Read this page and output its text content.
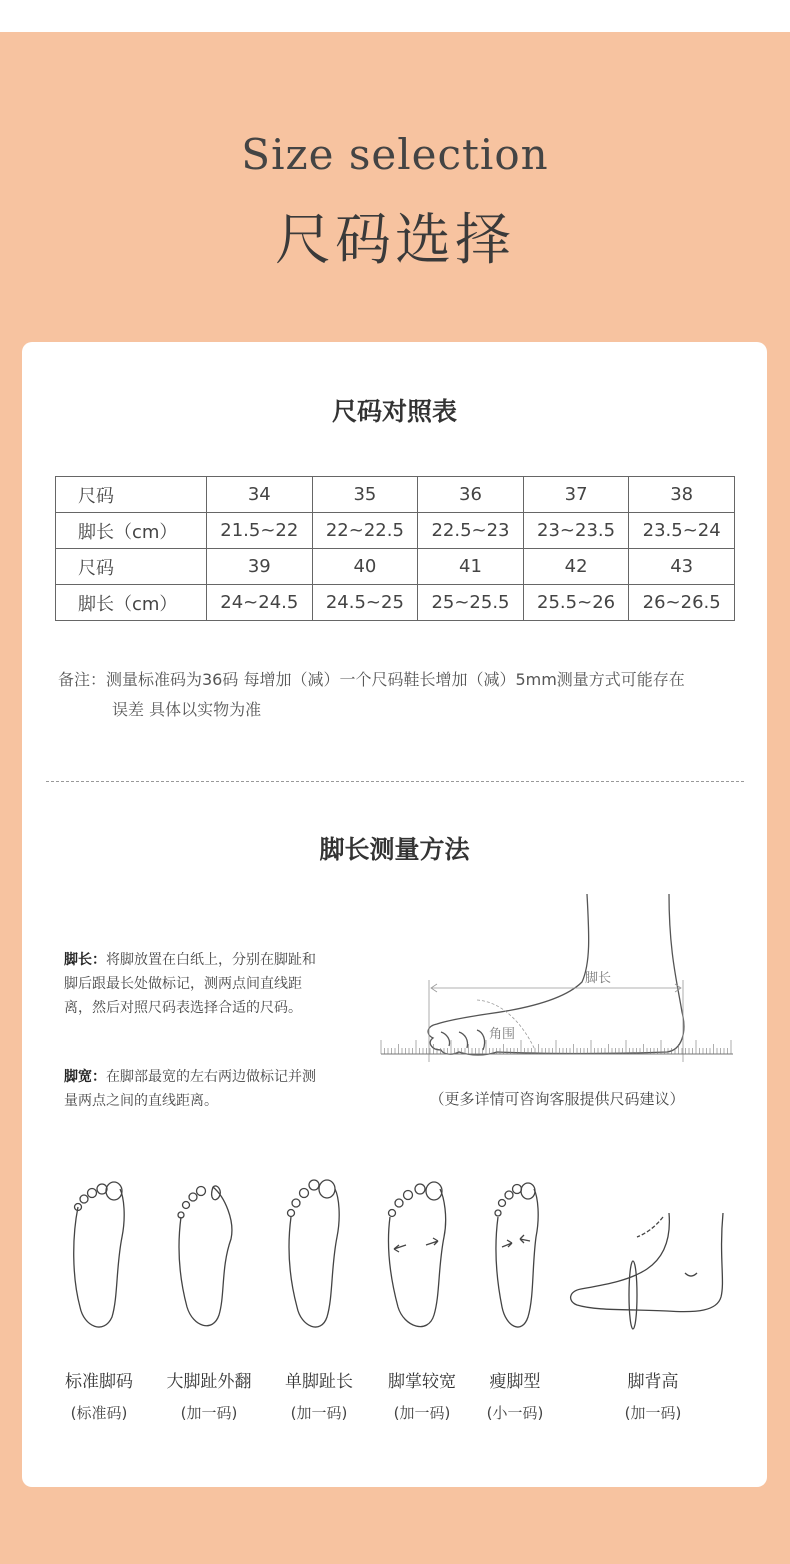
Size selection
尺码选择
尺码对照表
尺码	34	35	36	37	38
脚长（cm）	21.5~22	22~22.5	22.5~23	23~23.5	23.5~24
尺码	39	40	41	42	43
脚长（cm）	24~24.5	24.5~25	25~25.5	25.5~26	26~26.5
备注：测量标准码为36码 每增加（减）一个尺码鞋长增加（减）5mm测量方式可能存在
误差 具体以实物为准
脚长测量方法
脚长：将脚放置在白纸上，分别在脚趾和脚后跟最长处做标记，测两点间直线距离，然后对照尺码表选择合适的尺码。
脚宽：在脚部最宽的左右两边做标记并测量两点之间的直线距离。
脚长
角围
（更多详情可咨询客服提供尺码建议）
标准脚码
(标准码)
大脚趾外翻
(加一码)
单脚趾长
(加一码)
脚掌较宽
(加一码)
瘦脚型
(小一码)
脚背高
(加一码)
